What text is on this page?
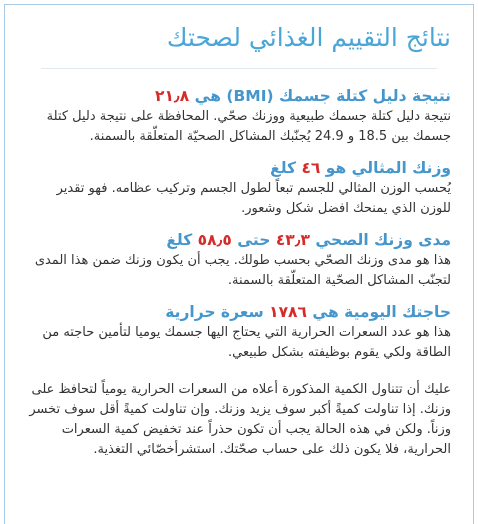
نتائج التقييم الغذائي لصحتك
نتيجة دليل كتلة جسمك (BMI) هي ٢١٫٨

نتيجة دليل كتلة جسمك طبيعية ووزنك صحّي. المحافظة على نتيجة دليل كتلة جسمك بين 18.5 و 24.9 يُجنّبك المشاكل الصحيّة المتعلّقة بالسمنة.

وزنك المثالي هو ٤٦ كلغ

يُحسب الوزن المثالي للجسم تبعاً لطول الجسم وتركيب عظامه. فهو تقدير للوزن الذي يمنحك افضل شكل وشعور.

مدى وزنك الصحي ٤٣٫٣ حتى ٥٨٫٥ كلغ

هذا هو مدى وزنك الصحّي بحسب طولك. يجب أن يكون وزنك ضمن هذا المدى لتجنّب المشاكل الصحّية المتعلّقة بالسمنة.

حاجتك اليومية هي ١٧٨٦ سعرة حرارية

هذا هو عدد السعرات الحرارية التي يحتاج اليها جسمك يوميا لتأمين حاجته من الطاقة ولكي يقوم بوظيفته بشكل طبيعي.

عليك أن تتناول الكمية المذكورة أعلاه من السعرات الحرارية يومياً لتحافظ على وزنك. إذا تناولت كميةً أكبر سوف يزيد وزنك. وإن تناولت كميةً أقل سوف تخسر وزناً. ولكن في هذه الحالة يجب أن تكون حذراً عند تخفيض كمية السعرات الحرارية، فلا يكون ذلك على حساب صحّتك. استشرأخصّائي التغذية.
